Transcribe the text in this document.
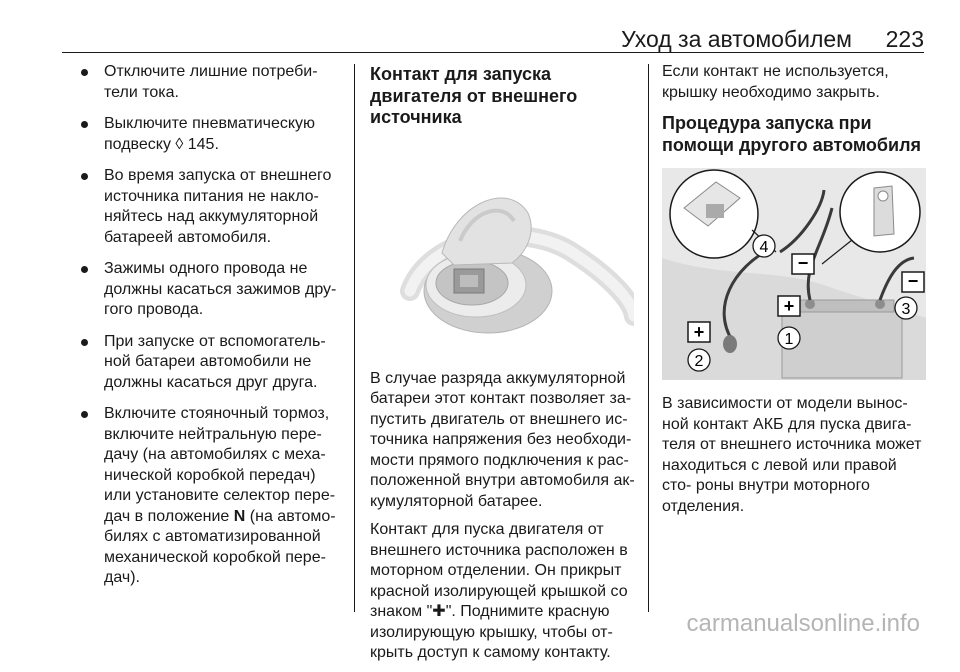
Уход за автомобилем 223
Отключите лишние потреби- тели тока.
Выключите пневматическую подвеску ◊ 145.
Во время запуска от внешнего источника питания не накло- няйтесь над аккумуляторной батареей автомобиля.
Зажимы одного провода не должны касаться зажимов дру- гого провода.
При запуске от вспомогатель- ной батареи автомобили не должны касаться друг друга.
Включите стояночный тормоз, включите нейтральную пере- дачу (на автомобилях с меха- нической коробкой передач) или установите селектор пере- дач в положение N (на автомо- билях с автоматизированной механической коробкой пере- дач).
Контакт для запуска двигателя от внешнего источника

В случае разряда аккумуляторной батареи этот контакт позволяет за- пустить двигатель от внешнего ис- точника напряжения без необходи- мости прямого подключения к рас- положенной внутри автомобиля ак- кумуляторной батарее.

Контакт для пуска двигателя от внешнего источника расположен в моторном отделении. Он прикрыт красной изолирующей крышкой со знаком "✚". Поднимите красную изолирующую крышку, чтобы от- крыть доступ к самому контакту.

Если контакт не используется, крышку необходимо закрыть.

Процедура запуска при помощи другого автомобиля
−
−
+
+	1
2
3
4

В зависимости от модели вынос- ной контакт АКБ для пуска двига- теля от внешнего источника может находиться с левой или правой сто- роны внутри моторного отделения.

carmanualsonline.info
